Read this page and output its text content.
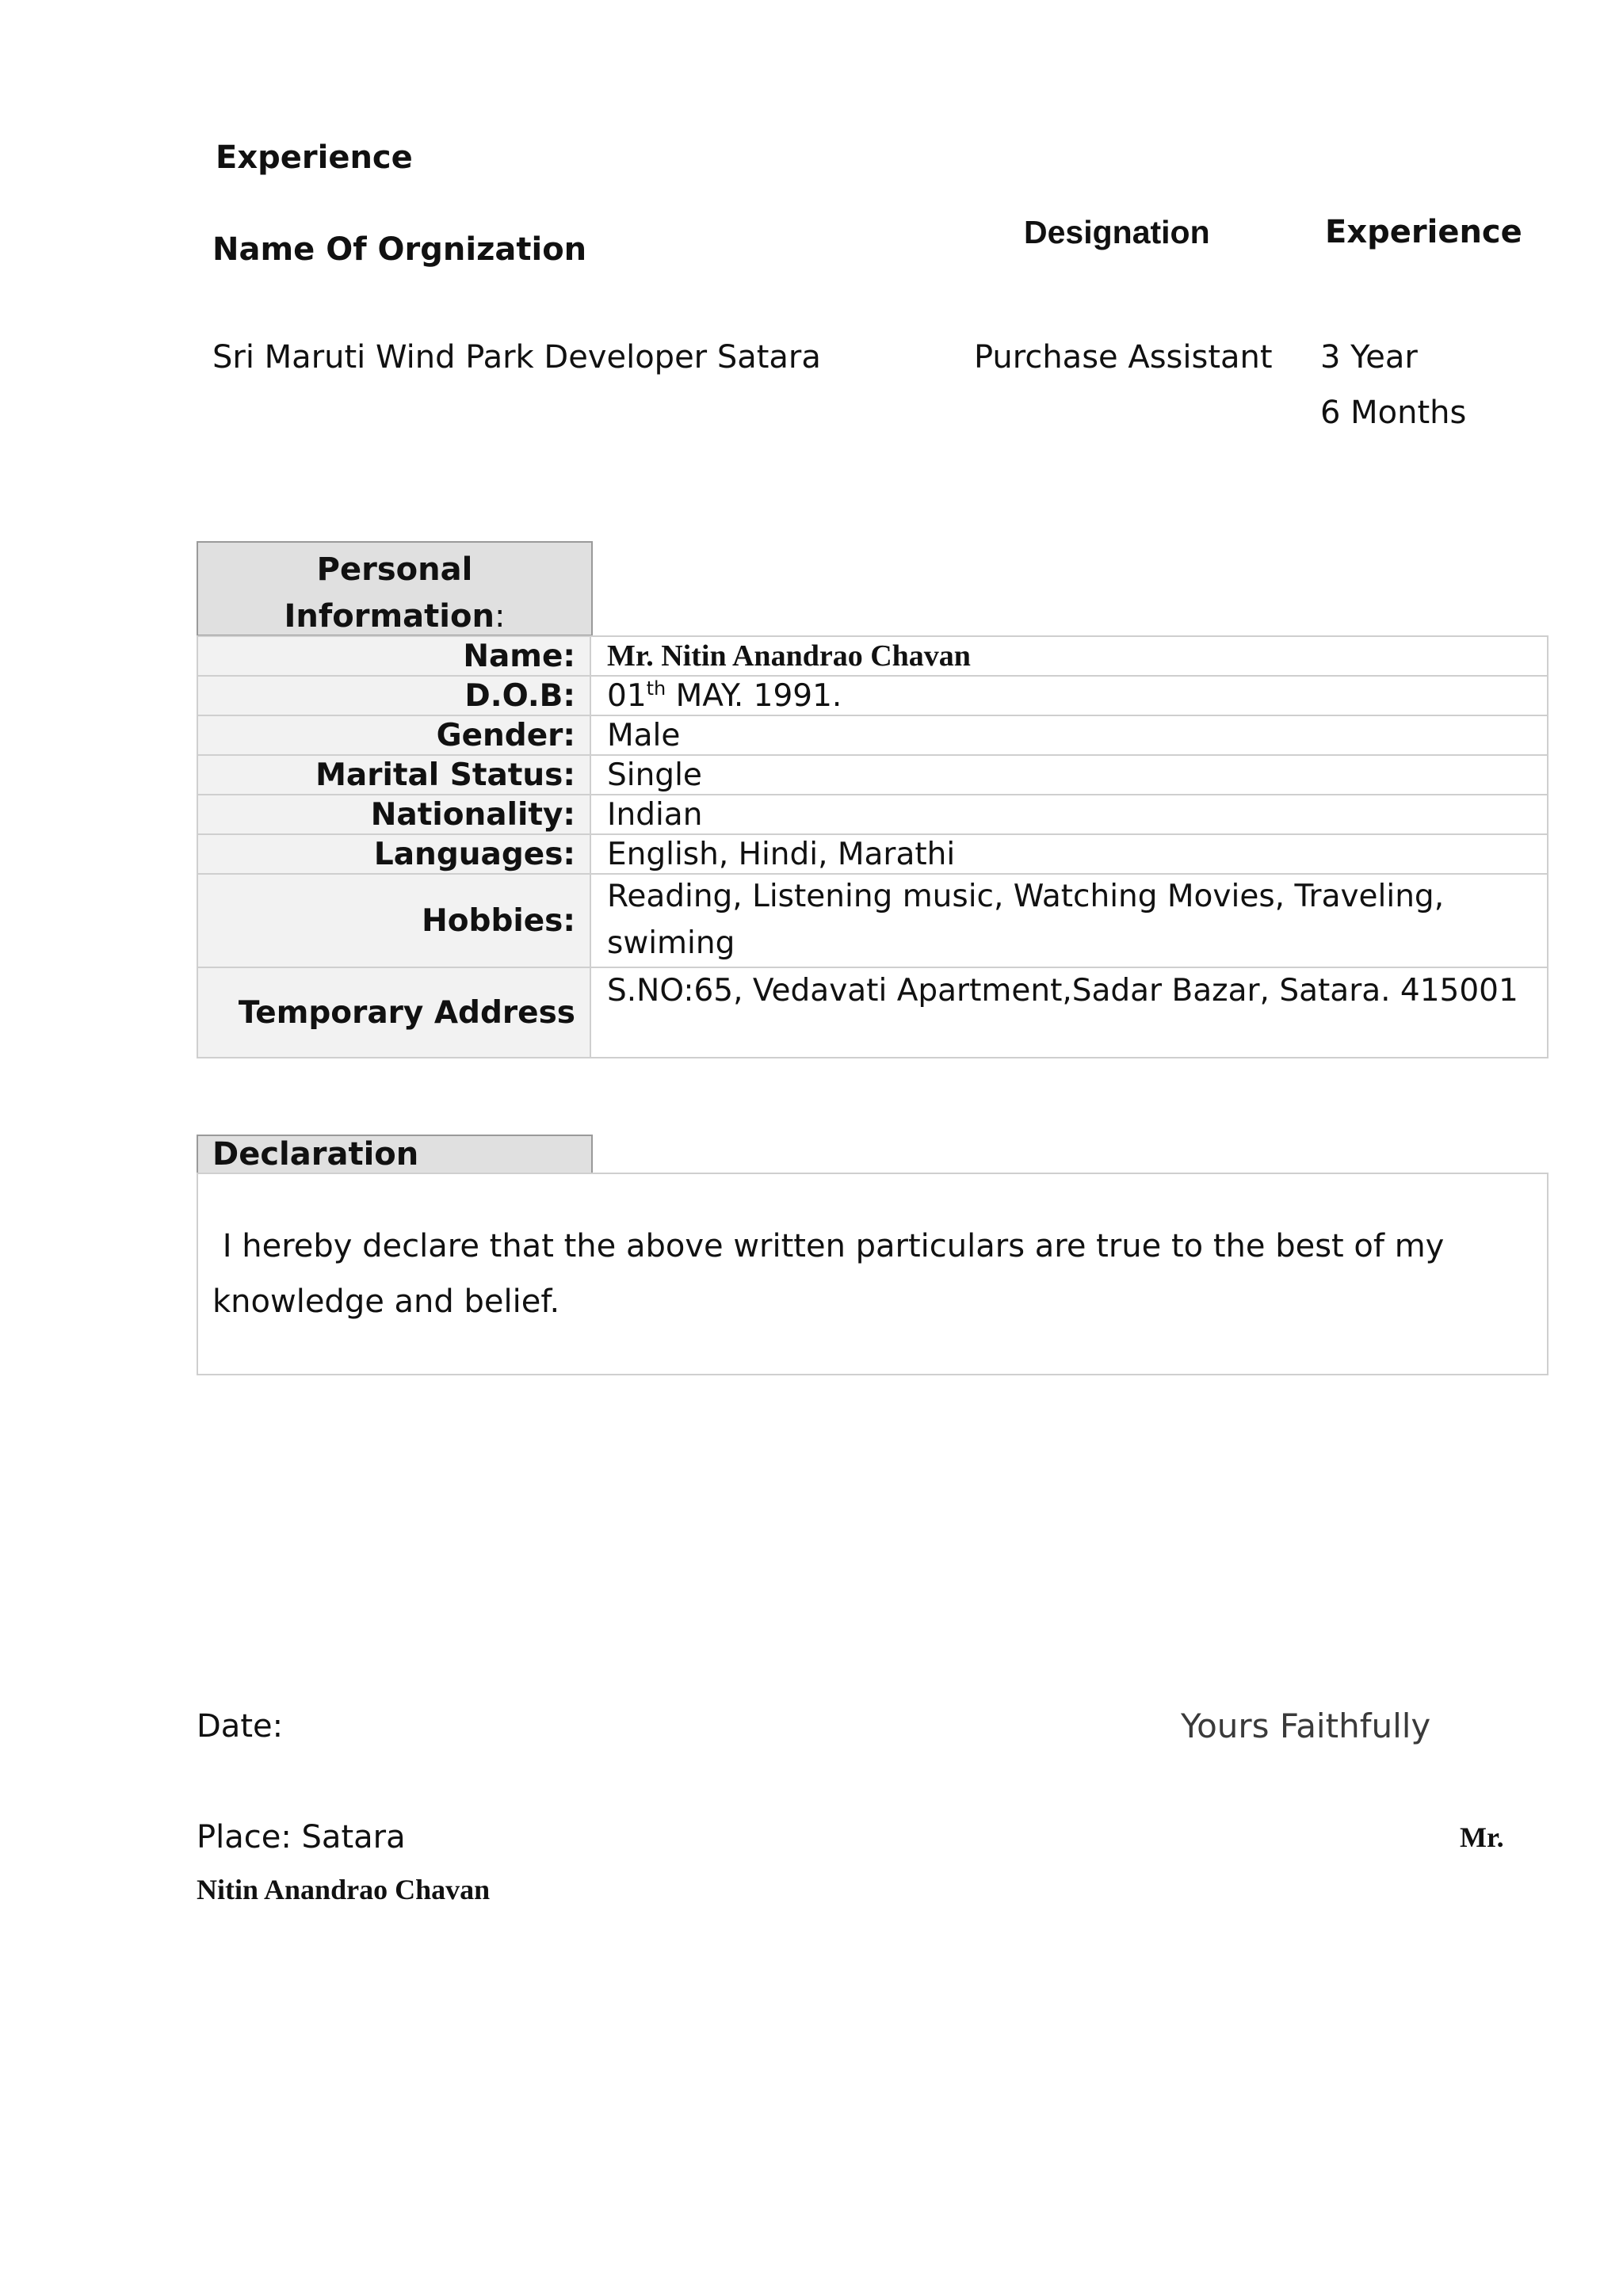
Experience
Name Of Orgnization	Designation	Experience
Sri Maruti Wind Park Developer Satara	Purchase Assistant 3 Year
6 Months
Personal
Information:
Name: Mr. Nitin Anandrao Chavan
D.O.B: 01th MAY. 1991.
Gender: Male
Marital Status: Single
Nationality: Indian
Languages: English, Hindi, Marathi
Hobbies:
Reading, Listening music, Watching Movies, Traveling,
swiming
Temporary Address
S.NO:65, Vedavati Apartment,Sadar Bazar, Satara. 415001
Declaration
I hereby declare that the above written particulars are true to the best of my
knowledge and belief.
Date:	Yours Faithfully
Place: Satara	Mr.
Nitin Anandrao Chavan
